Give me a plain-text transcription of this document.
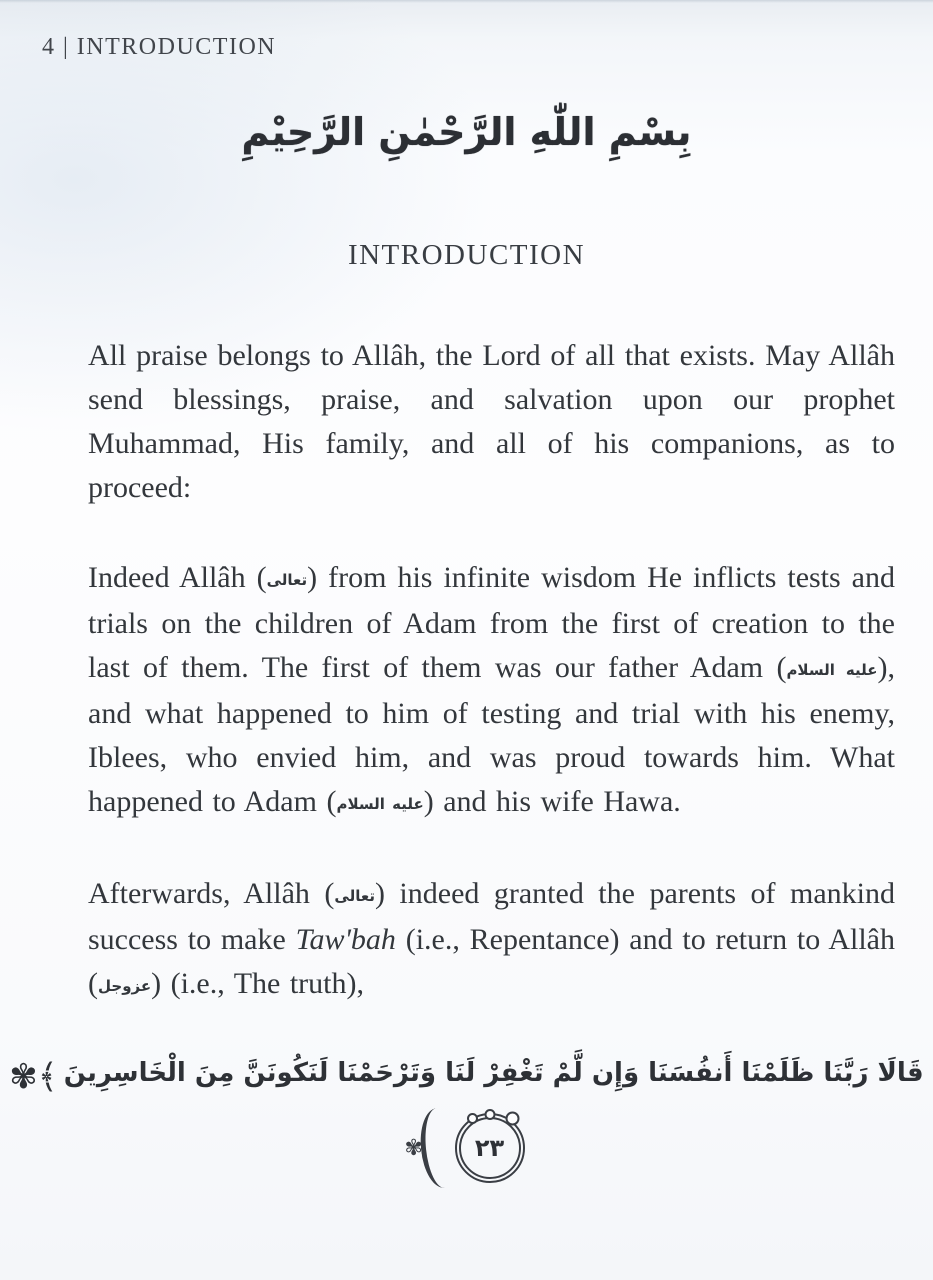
4 | INTRODUCTION
بِسْمِ اللّٰهِ الرَّحْمٰنِ الرَّحِيْمِ
INTRODUCTION

All praise belongs to Allâh, the Lord of all that exists. May Allâh send blessings, praise, and salvation upon our prophet Muhammad, His family, and all of his companions, as to proceed:

Indeed Allâh (تعالى) from his infinite wisdom He inflicts tests and trials on the children of Adam from the first of creation to the last of them. The first of them was our father Adam (عليه السلام), and what happened to him of testing and trial with his enemy, Iblees, who envied him, and was proud towards him. What happened to Adam (عليه السلام) and his wife Hawa.

Afterwards, Allâh (تعالى) indeed granted the parents of mankind success to make Taw'bah (i.e., Repentance) and to return to Allâh (عزوجل) (i.e., The truth),

✾﴾ قَالَا رَبَّنَا ظَلَمْنَا أَنفُسَنَا وَإِن لَّمْ تَغْفِرْ لَنَا وَتَرْحَمْنَا لَنَكُونَنَّ مِنَ الْخَاسِرِينَ
✾ ٢٣
